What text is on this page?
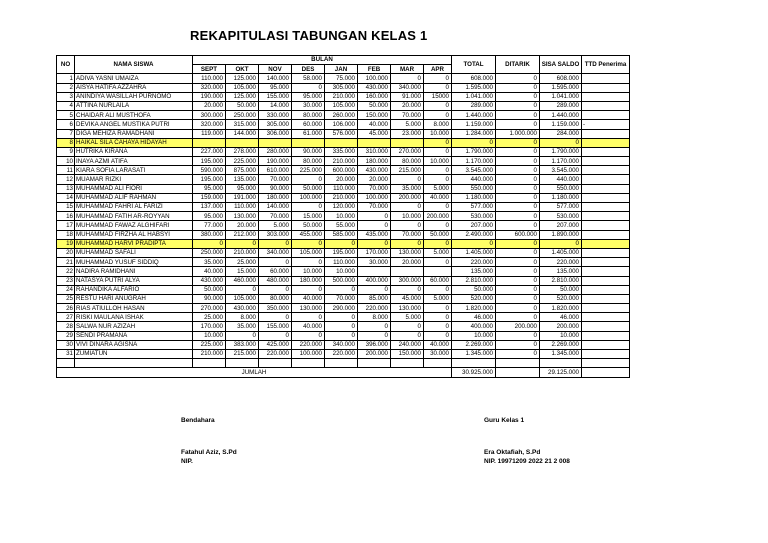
REKAPITULASI TABUNGAN KELAS 1
NO	NAMA SISWA	BULAN								TOTAL	DITARIK	SISA SALDO	TTD Penerima
		SEPT	OKT	NOV	DES	JAN	FEB	MAR	APR				
1	ADIVA YASNI UMAIZA	110.000	125.000	140.000	58.000	75.000	100.000	0	0	608.000	0	608.000	
2	AISYA HATIFA AZZAHRA	320.000	105.000	95.000	0	305.000	430.000	340.000	0	1.595.000	0	1.595.000	
3	ANINDIYA WASILLAH PURNOMO	190.000	125.000	155.000	95.000	210.000	160.000	91.000	15000	1.041.000	0	1.041.000	
4	ATTINA NURLAILA	20.000	50.000	14.000	30.000	105.000	50.000	20.000	0	289.000	0	289.000	
5	CHAIDAR ALI MUSTHOFA	300.000	250.000	330.000	80.000	260.000	150.000	70.000	0	1.440.000	0	1.440.000	
6	DEVIKA ANGEL MUSTIKA PUTRI	320.000	315.000	305.000	60.000	106.000	40.000	5.000	8.000	1.159.000	0	1.159.000	-
7	DIGA MEHIZA RAMADHANI	119.000	144.000	306.000	61.000	576.000	45.000	23.000	10.000	1.284.000	1.000.000	284.000	
8	HAIKAL SILA CAHAYA HIDAYAH								0	0	0	0	
9	HUTRIKA KIRANA	227.000	278.000	280.000	90.000	335.000	310.000	270.000	0	1.790.000	0	1.790.000	
10	INAYA AZMI ATIFA	195.000	225.000	190.000	80.000	210.000	180.000	80.000	10.000	1.170.000	0	1.170.000	
11	KIARA SOFIA LARASATI	590.000	875.000	610.000	225.000	600.000	430.000	215.000	0	3.545.000	0	3.545.000	
12	MUAMAR RIZKI	195.000	135.000	70.000	0	20.000	20.000	0	0	440.000	0	440.000	
13	MUHAMMAD ALI FIORI	95.000	95.000	90.000	50.000	110.000	70.000	35.000	5.000	550.000	0	550.000	
14	MUHAMMAD ALIF RAHMAN	159.000	191.000	180.000	100.000	210.000	100.000	200.000	40.000	1.180.000	0	1.180.000	
15	MUHAMMAD FAHRI AL FARIZI	137.000	110.000	140.000	0	120.000	70.000	0	0	577.000	0	577.000	
16	MUHAMMAD FATIH AR-ROYYAN	95.000	130.000	70.000	15.000	10.000	0	10.000	200.000	530.000	0	530.000	
17	MUHAMMAD FAWAZ ALGHIFARI	77.000	20.000	5.000	50.000	55.000	0	0	0	207.000	0	207.000	
18	MUHAMMAD FIRZHA AL HABSYI	380.000	212.000	303.000	455.000	585.000	435.000	70.000	50.000	2.490.000	600.000	1.890.000	
19	MUHAMMAD HARVI PRADIPTA	0	0	0	0	0	0	0	0	0	0	0	
20	MUHAMMAD SAFALI	250.000	210.000	340.000	105.000	195.000	170.000	130.000	5.000	1.405.000	0	1.405.000	
21	MUHAMMAD YUSUF SIDDIQ	35.000	25.000	0	0	110.000	30.000	20.000	0	220.000	0	220.000	
22	NADIRA RAMIDHANI	40.000	15.000	60.000	10.000	10.000				135.000	0	135.000	
23	NATASYA PUTRI ALYA	430.000	460.000	480.000	180.000	500.000	400.000	300.000	60.000	2.810.000	0	2.810.000	
24	RAHANDIKA ALFARIO	50.000	0	0	0	0	0	0	0	50.000	0	50.000	
25	RESTU HARI ANUGRAH	90.000	105.000	80.000	40.000	70.000	85.000	45.000	5.000	520.000	0	520.000	
26	RIAS ATIULLOH HASAN	270.000	430.000	350.000	130.000	290.000	220.000	130.000	0	1.820.000	0	1.820.000	
27	RISKI MAULANA ISHAK	25.000	8.000	0	0	0	8.000	5.000	0	46.000	0	46.000	
28	SALWA NUR AZIZAH	170.000	35.000	155.000	40.000	0	0	0	0	400.000	200.000	200.000	
29	SENDI PRAMANA	10.000	0	0	0	0	0	0	0	10.000	0	10.000	
30	VIVI DINARA AGISNA	225.000	383.000	425.000	220.000	340.000	396.000	240.000	40.000	2.269.000	0	2.269.000	
31	ZUMIATUN	210.000	215.000	220.000	100.000	220.000	200.000	150.000	30.000	1.345.000	0	1.345.000	

JUMLAH										30.925.000		29.125.000	
Bendahara
Fatahul Aziz, S.Pd
NIP.
Guru Kelas 1
Era Oktafiah, S.Pd
NIP. 19971209 2022 21 2 008
